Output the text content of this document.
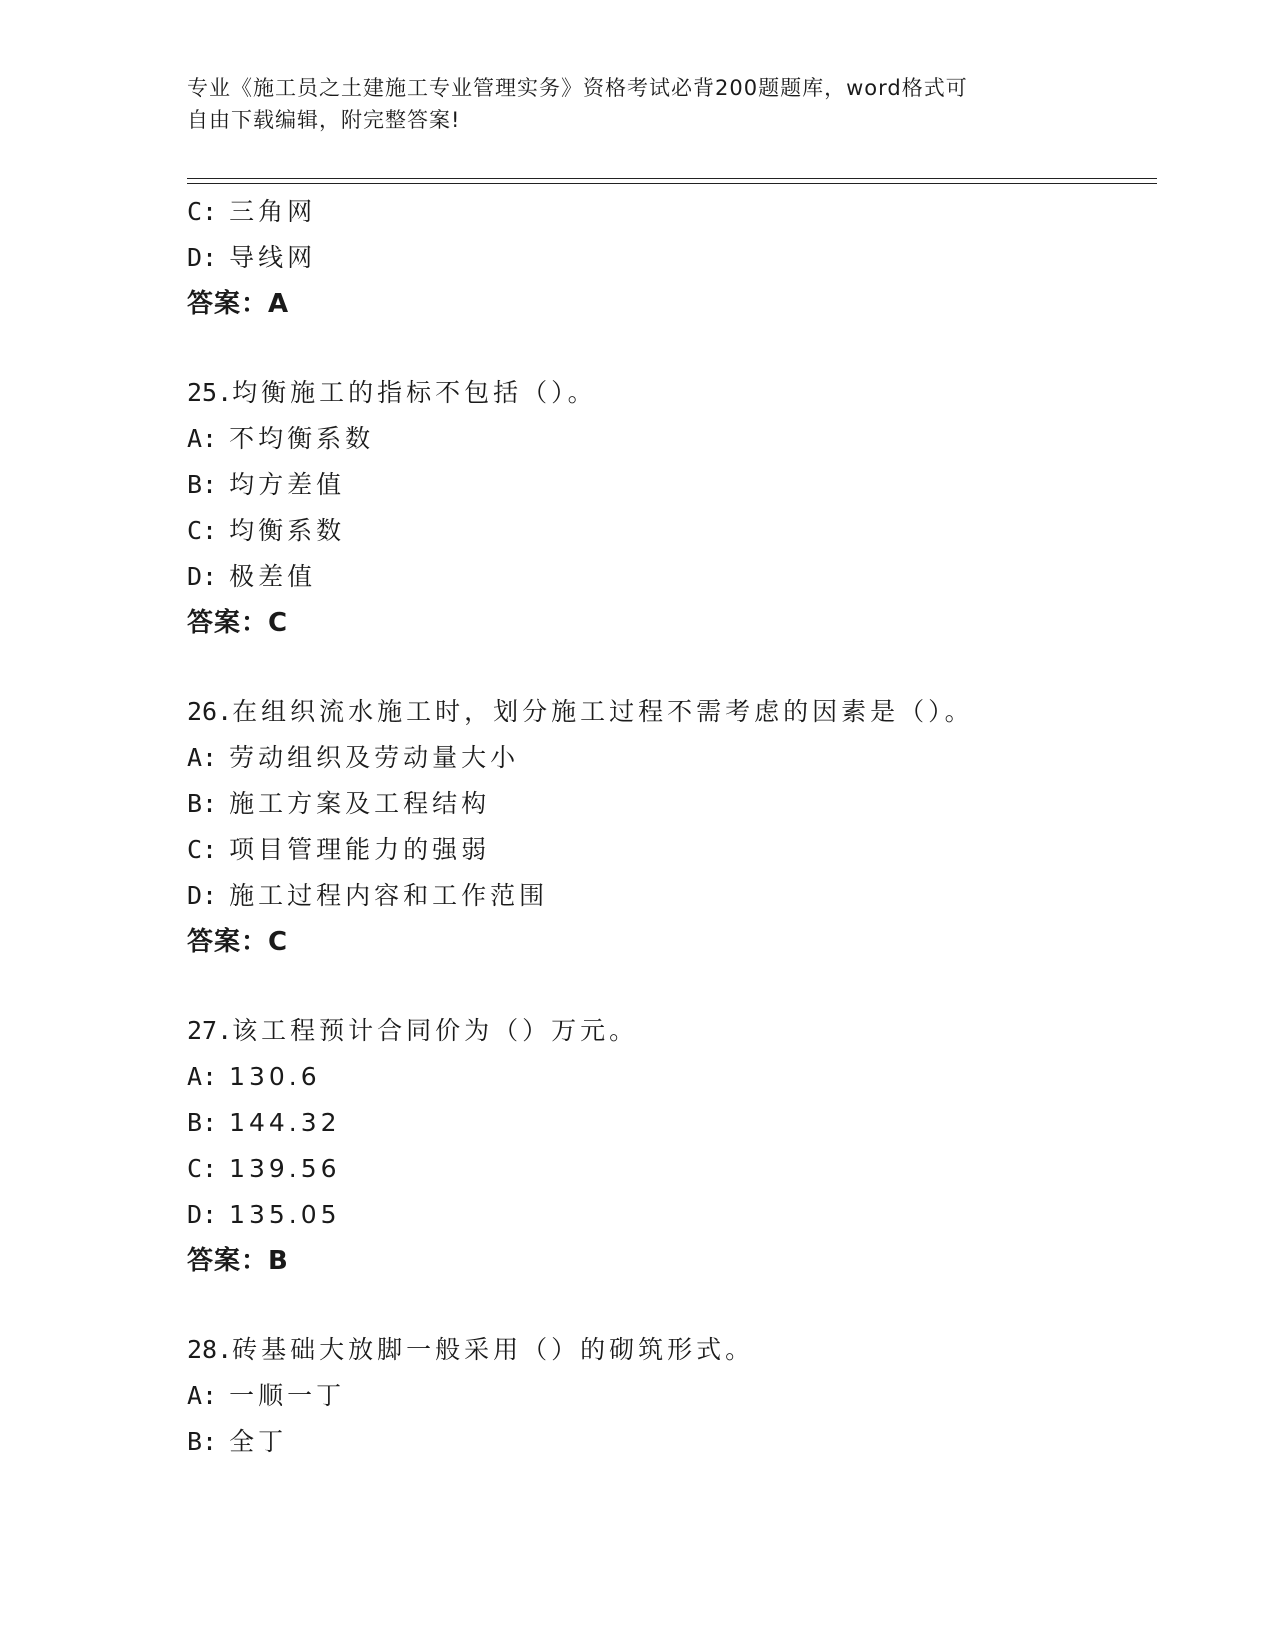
专业《施工员之土建施工专业管理实务》资格考试必背200题题库，word格式可
自由下载编辑，附完整答案!
C: 三角网
D: 导线网
答案：A
25.均衡施工的指标不包括（）。
A: 不均衡系数
B: 均方差值
C: 均衡系数
D: 极差值
答案：C
26.在组织流水施工时，划分施工过程不需考虑的因素是（）。
A: 劳动组织及劳动量大小
B: 施工方案及工程结构
C: 项目管理能力的强弱
D: 施工过程内容和工作范围
答案：C
27.该工程预计合同价为（）万元。
A: 130.6
B: 144.32
C: 139.56
D: 135.05
答案：B
28.砖基础大放脚一般采用（）的砌筑形式。
A: 一顺一丁
B: 全丁
